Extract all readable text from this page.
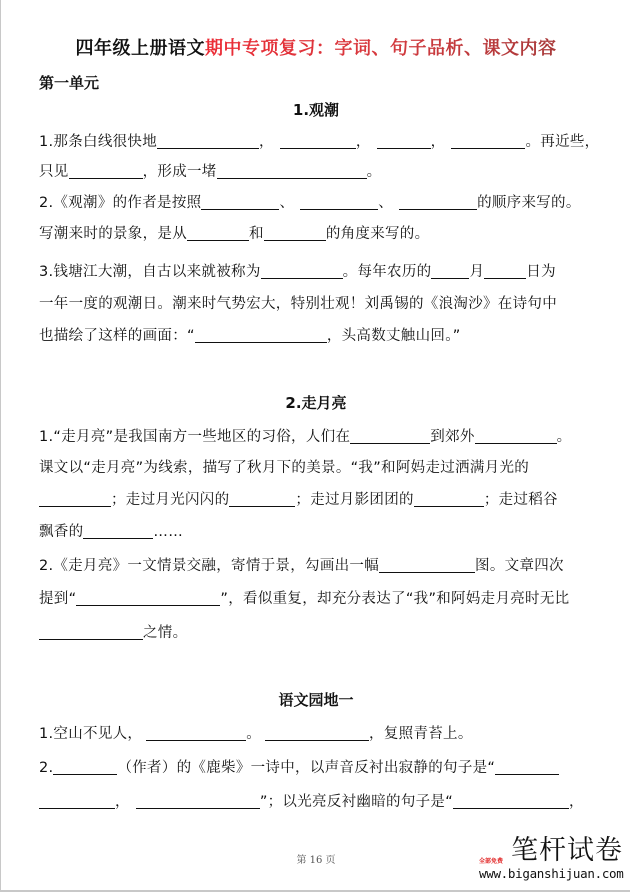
四年级上册语文期中专项复习：字词、句子品析、课文内容
第一单元
1.观潮
1.那条白线很快地	，	，	，	。再近些，
只见	，形成一堵	。
2.《观潮》的作者是按照	、	、	的顺序来写的。
写潮来时的景象，是从	和	的角度来写的。
3.钱塘江大潮，自古以来就被称为	。每年农历的	月	日为
一年一度的观潮日。潮来时气势宏大，特别壮观！刘禹锡的《浪淘沙》在诗句中
也描绘了这样的画面：“	，头高数丈触山回。”
2.走月亮
1.“走月亮”是我国南方一些地区的习俗，人们在	到郊外	。
课文以“走月亮”为线索，描写了秋月下的美景。“我”和阿妈走过洒满月光的
；走过月光闪闪的	；走过月影团团的	；走过稻谷
飘香的	……
2.《走月亮》一文情景交融，寄情于景，勾画出一幅	图。文章四次
提到“	”，看似重复，却充分表达了“我”和阿妈走月亮时无比
之情。
语文园地一
1.空山不见人，	。	，复照青苔上。
2.	（作者）的《鹿柴》一诗中，以声音反衬出寂静的句子是“
，	”；以光亮反衬幽暗的句子是“	，
第 16 页	全部免费 笔杆试卷
www.biganshijuan.com
